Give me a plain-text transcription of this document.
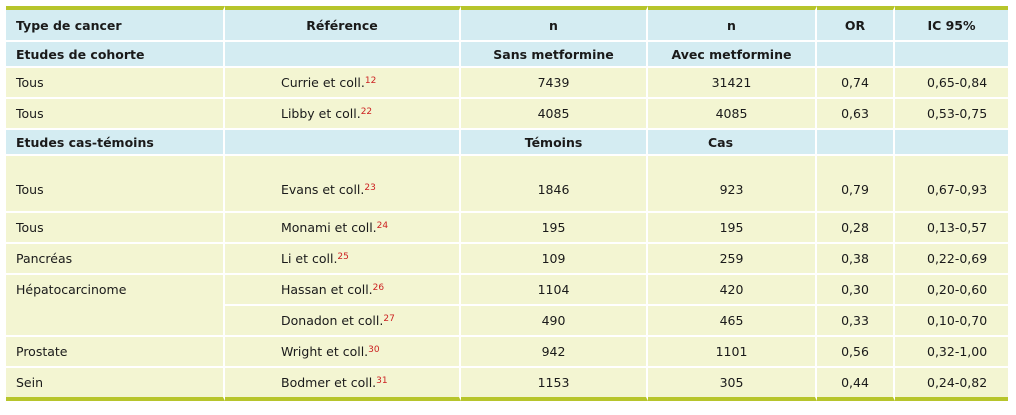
Type de cancer	Référence	n	n	OR	IC 95%
Etudes de cohorte		Sans metformine	Avec metformine		
Tous	Currie et coll.$^{12}$	7439	31421	0,74	0,65-0,84
Tous	Libby et coll.$^{22}$	4085	4085	0,63	0,53-0,75
Etudes cas-témoins		Témoins	Cas		
Tous	Evans et coll.$^{23}$	1846	923	0,79	0,67-0,93
Tous	Monami et coll.$^{24}$	195	195	0,28	0,13-0,57
Pancréas	Li et coll.$^{25}$	109	259	0,38	0,22-0,69
Hépatocarcinome	Hassan et coll.$^{26}$	1104	420	0,30	0,20-0,60
	Donadon et coll.$^{27}$	490	465	0,33	0,10-0,70
Prostate	Wright et coll.$^{30}$	942	1101	0,56	0,32-1,00
Sein	Bodmer et coll.$^{31}$	1153	305	0,44	0,24-0,82
